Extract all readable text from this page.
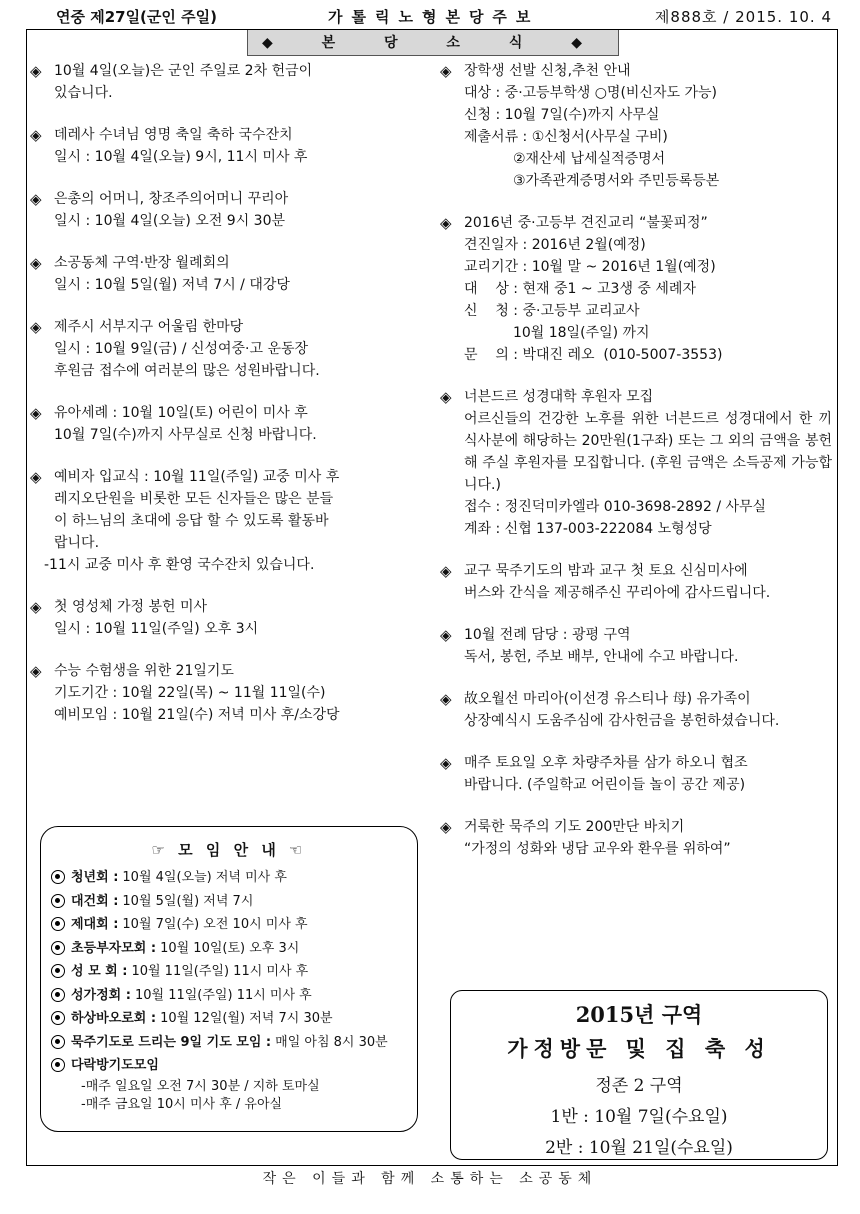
연중 제27일(군인 주일)	가톨릭노형본당주보	제888호 / 2015. 10. 4
◆ 본 당 소 식 ◆
◈ 10월 4일(오늘)은 군인 주일로 2차 헌금이
있습니다.
◈ 데레사 수녀님 영명 축일 축하 국수잔치
일시 : 10월 4일(오늘) 9시, 11시 미사 후
◈ 은총의 어머니, 창조주의어머니 꾸리아
일시 : 10월 4일(오늘) 오전 9시 30분
◈ 소공동체 구역·반장 월례회의
일시 : 10월 5일(월) 저녁 7시 / 대강당
◈ 제주시 서부지구 어울림 한마당
일시 : 10월 9일(금) / 신성여중·고 운동장
후원금 접수에 여러분의 많은 성원바랍니다.
◈ 유아세례 : 10월 10일(토) 어린이 미사 후
10월 7일(수)까지 사무실로 신청 바랍니다.
◈ 예비자 입교식 : 10월 11일(주일) 교중 미사 후
레지오단원을 비롯한 모든 신자들은 많은 분들
이 하느님의 초대에 응답 할 수 있도록 활동바
랍니다.
-11시 교중 미사 후 환영 국수잔치 있습니다.
◈ 첫 영성체 가정 봉헌 미사
일시 : 10월 11일(주일) 오후 3시
◈ 수능 수험생을 위한 21일기도
기도기간 : 10월 22일(목) ~ 11월 11일(수)
예비모임 : 10월 21일(수) 저녁 미사 후/소강당
☞ 모 임 안 내 ☜
청년회 : 10월 4일(오늘) 저녁 미사 후
대건회 : 10월 5일(월) 저녁 7시
제대회 : 10월 7일(수) 오전 10시 미사 후
초등부자모회 : 10월 10일(토) 오후 3시
성 모 회 : 10월 11일(주일) 11시 미사 후
성가정회 : 10월 11일(주일) 11시 미사 후
하상바오로회 : 10월 12일(월) 저녁 7시 30분
묵주기도로 드리는 9일 기도 모임 : 매일 아침 8시 30분
다락방기도모임
-매주 일요일 오전 7시 30분 / 지하 토마실
-매주 금요일 10시 미사 후 / 유아실
◈ 장학생 선발 신청,추천 안내
대상 : 중·고등부학생 ○명(비신자도 가능)
신청 : 10월 7일(수)까지 사무실
제출서류 : ①신청서(사무실 구비)
②재산세 납세실적증명서
③가족관계증명서와 주민등록등본
◈ 2016년 중·고등부 견진교리 “불꽃피정”
견진일자 : 2016년 2월(예정)
교리기간 : 10월 말 ~ 2016년 1월(예정)
대    상 : 현재 중1 ~ 고3생 중 세례자
신    청 : 중·고등부 교리교사
10월 18일(주일) 까지
문    의 : 박대진 레오  (010-5007-3553)
◈ 너븐드르 성경대학 후원자 모집
어르신들의 건강한 노후를 위한 너븐드르 성경대에서 한 끼 식사분에 해당하는 20만원(1구좌) 또는 그 외의 금액을 봉헌 해 주실 후원자를 모집합니다. (후원 금액은 소득공제 가능합니다.)
접수 : 정진덕미카엘라 010-3698-2892 / 사무실
계좌 : 신협 137-003-222084 노형성당
◈ 교구 묵주기도의 밤과 교구 첫 토요 신심미사에
버스와 간식을 제공해주신 꾸리아에 감사드립니다.
◈ 10월 전례 담당 : 광평 구역
독서, 봉헌, 주보 배부, 안내에 수고 바랍니다.
◈ 故오월선 마리아(이선경 유스티나 母) 유가족이
상장예식시 도움주심에 감사헌금을 봉헌하셨습니다.
◈ 매주 토요일 오후 차량주차를 삼가 하오니 협조
바랍니다. (주일학교 어린이들 놀이 공간 제공)
◈ 거룩한 묵주의 기도 200만단 바치기
“가정의 성화와 냉담 교우와 환우를 위하여”
2015년 구역
가정방문 및 집 축 성
정존 2 구역
1반 : 10월 7일(수요일)
2반 : 10월 21일(수요일)
작은 이들과 함께 소통하는 소공동체
